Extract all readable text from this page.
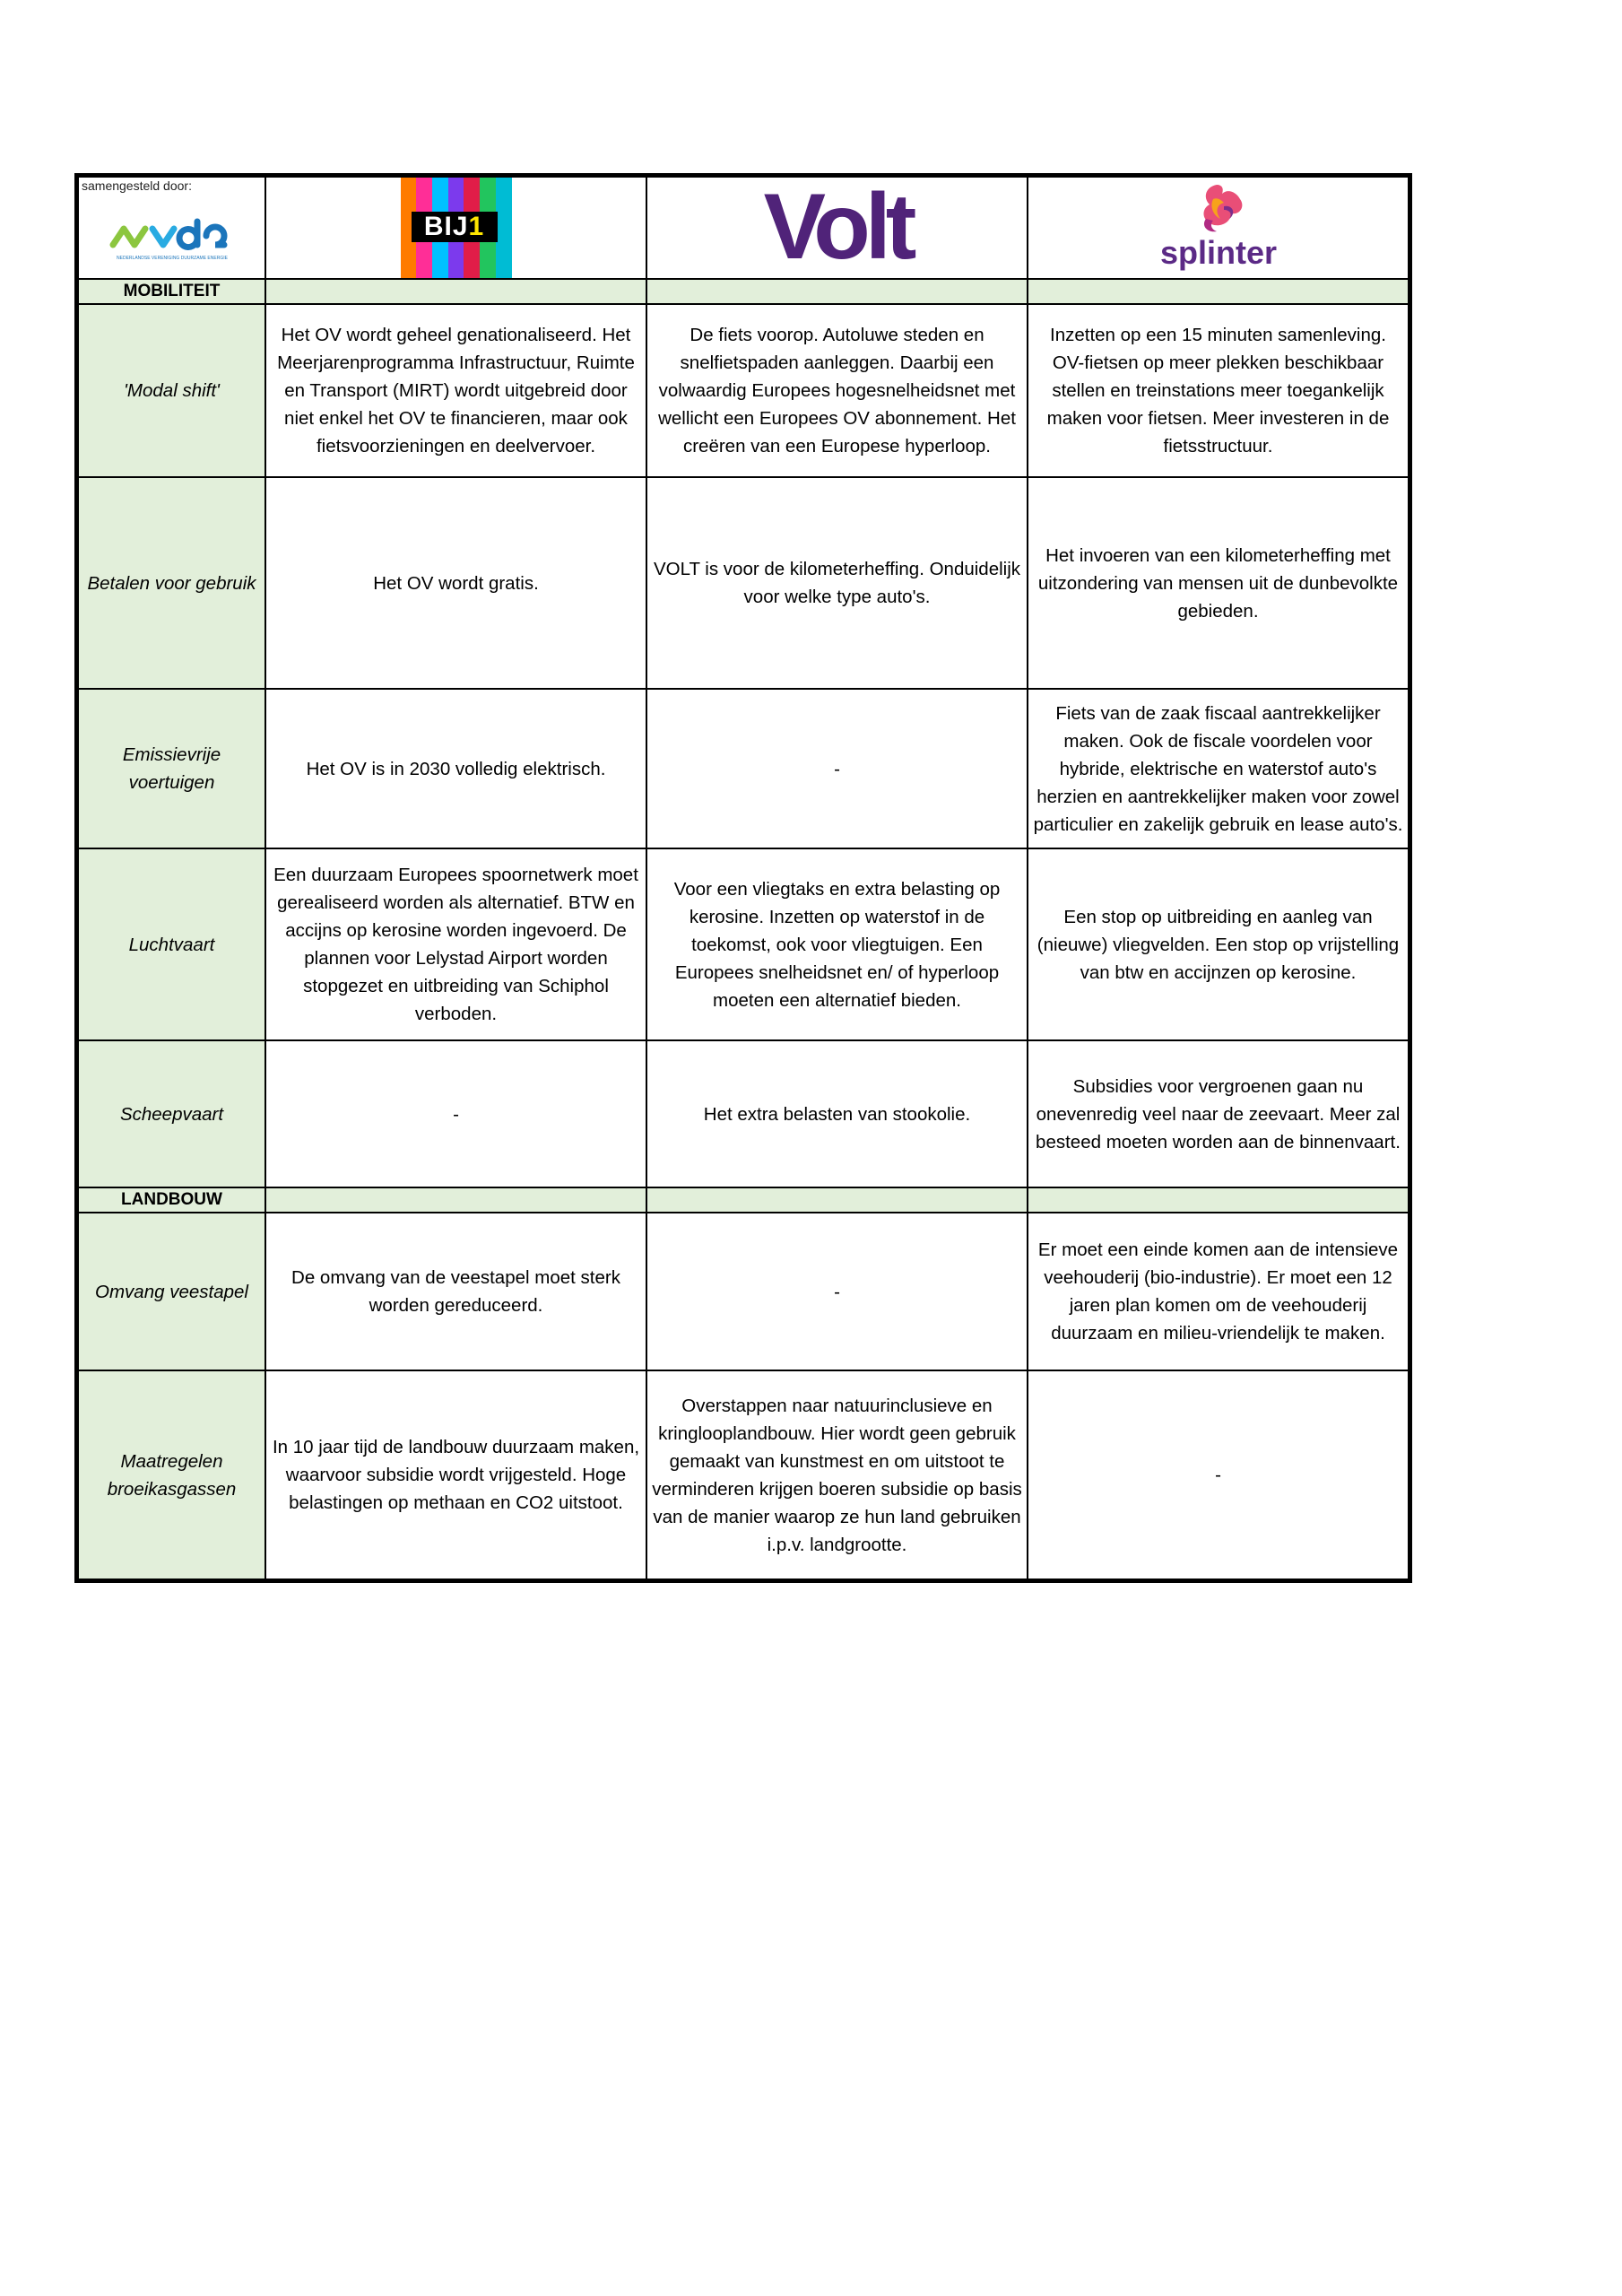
samengesteld door:
NEDERLANDSE VERENIGING DUURZAME ENERGIE	BIJ1	Volt	splinter

MOBILITEIT			
'Modal shift'	Het OV wordt geheel genationaliseerd. Het Meerjarenprogramma Infrastructuur, Ruimte en Transport (MIRT) wordt uitgebreid door niet enkel het OV te financieren, maar ook fietsvoorzieningen en deelvervoer.	De fiets voorop. Autoluwe steden en snelfietspaden aanleggen. Daarbij een volwaardig Europees hogesnelheidsnet met wellicht een Europees OV abonnement. Het creëren van een Europese hyperloop.	Inzetten op een 15 minuten samenleving. OV-fietsen op meer plekken beschikbaar stellen en treinstations meer toegankelijk maken voor fietsen. Meer investeren in de fietsstructuur.
Betalen voor gebruik	Het OV wordt gratis.	VOLT is voor de kilometerheffing. Onduidelijk voor welke type auto's.	Het invoeren van een kilometerheffing met uitzondering van mensen uit de dunbevolkte gebieden.
Emissievrije voertuigen	Het OV is in 2030 volledig elektrisch.	-	Fiets van de zaak fiscaal aantrekkelijker maken. Ook de fiscale voordelen voor hybride, elektrische en waterstof auto's herzien en aantrekkelijker maken voor zowel particulier en zakelijk gebruik en lease auto's.
Luchtvaart	Een duurzaam Europees spoornetwerk moet gerealiseerd worden als alternatief. BTW en accijns op kerosine worden ingevoerd. De plannen voor Lelystad Airport worden stopgezet en uitbreiding van Schiphol verboden.	Voor een vliegtaks en extra belasting op kerosine. Inzetten op waterstof in de toekomst, ook voor vliegtuigen. Een Europees snelheidsnet en/ of hyperloop moeten een alternatief bieden.	Een stop op uitbreiding en aanleg van (nieuwe) vliegvelden. Een stop op vrijstelling van btw en accijnzen op kerosine.
Scheepvaart	-	Het extra belasten van stookolie.	Subsidies voor vergroenen gaan nu onevenredig veel naar de zeevaart. Meer zal besteed moeten worden aan de binnenvaart.
LANDBOUW			
Omvang veestapel	De omvang van de veestapel moet sterk worden gereduceerd.	-	Er moet een einde komen aan de intensieve veehouderij (bio-industrie). Er moet een 12 jaren plan komen om de veehouderij duurzaam en milieu-vriendelijk te maken.
Maatregelen broeikasgassen	In 10 jaar tijd de landbouw duurzaam maken, waarvoor subsidie wordt vrijgesteld. Hoge belastingen op methaan en CO2 uitstoot.	Overstappen naar natuurinclusieve en kringlooplandbouw. Hier wordt geen gebruik gemaakt van kunstmest en om uitstoot te verminderen krijgen boeren subsidie op basis van de manier waarop ze hun land gebruiken i.p.v. landgrootte.	-
